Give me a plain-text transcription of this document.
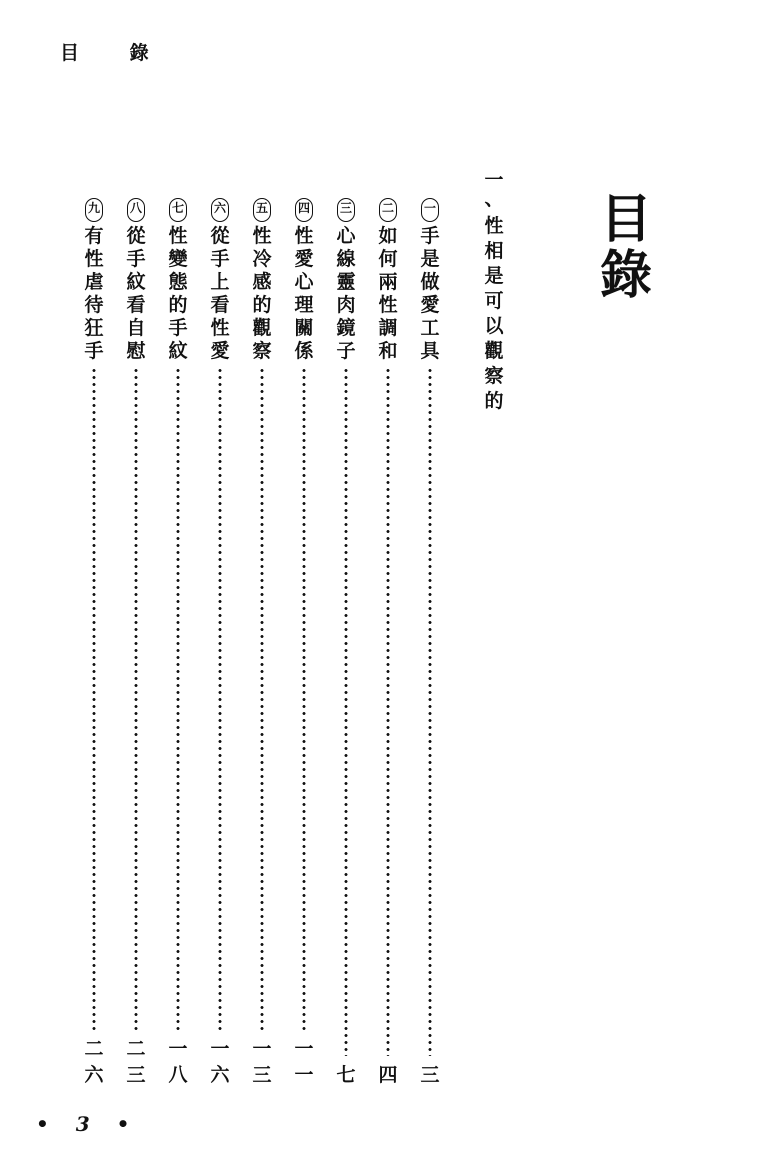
目 錄
目
錄
一
、
性
相
是
可
以
觀
察
的
一
手
是
做
愛
工
具
三
二
如
何
兩
性
調
和
四
三
心
線
靈
肉
鏡
子
七
四
性
愛
心
理
關
係
一
一
五
性
冷
感
的
觀
察
一
三
六
從
手
上
看
性
愛
一
六
七
性
變
態
的
手
紋
一
八
八
從
手
紋
看
自
慰
二
三
九
有
性
虐
待
狂
手
二
六
• 3 •
